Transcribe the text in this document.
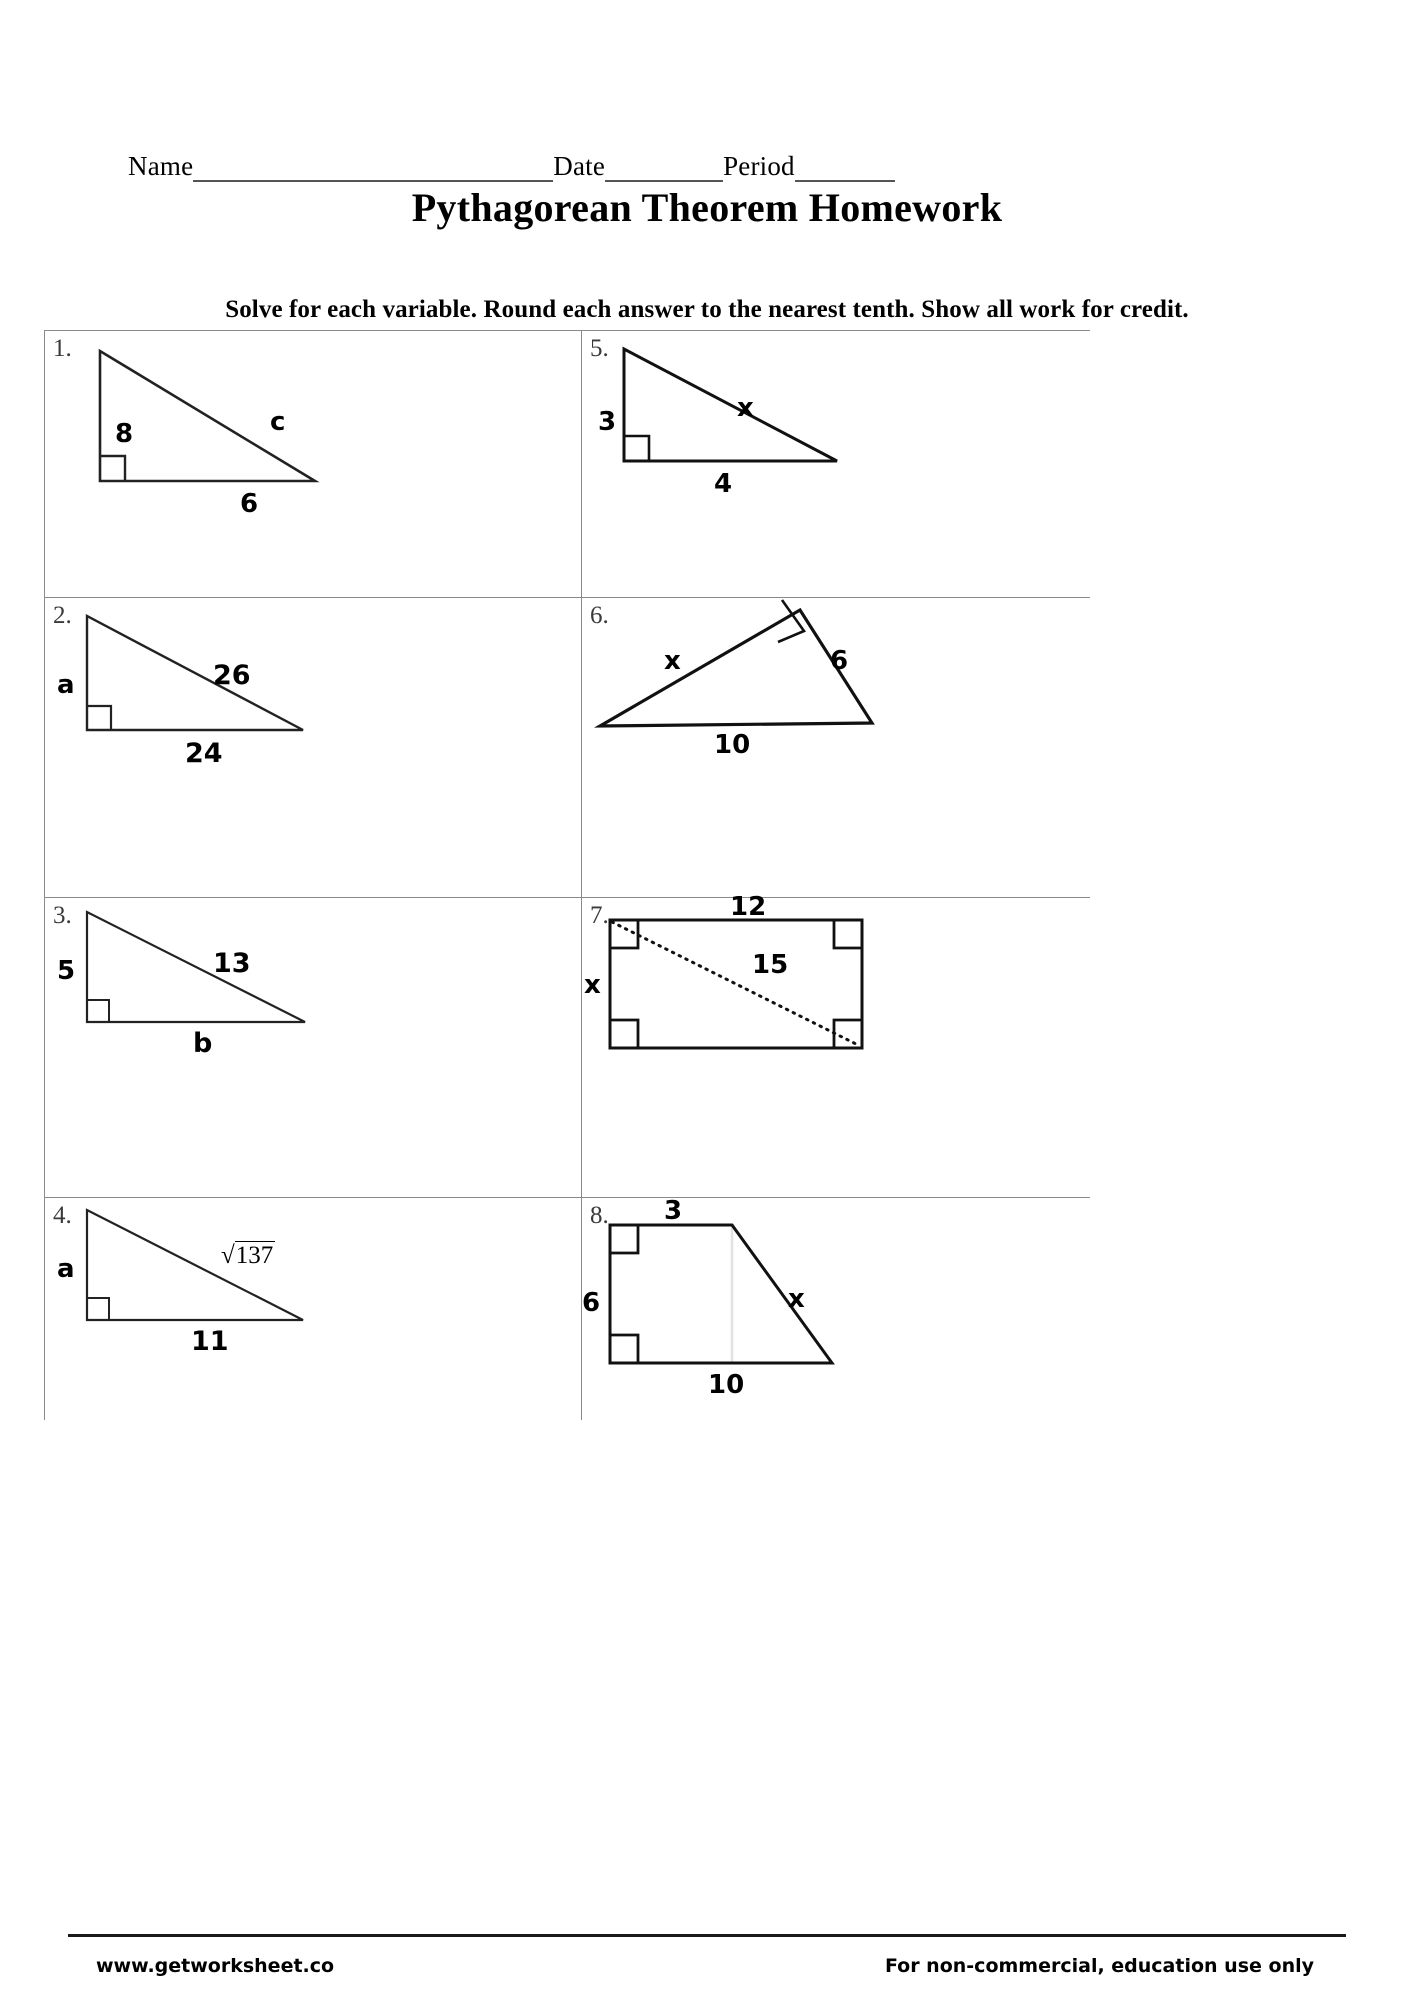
Name	Date	Period
Pythagorean Theorem Homework
Solve for each variable. Round each answer to the nearest tenth. Show all work for credit.
1.
8	c
6
5.
3	x
4
2.
a	26
24
6.
x	6
10
3.
5	13
b
7.	12
x
15
4.
a	√137
11
8. 3
6	x
10
www.getworksheet.co	For non-commercial, education use only
